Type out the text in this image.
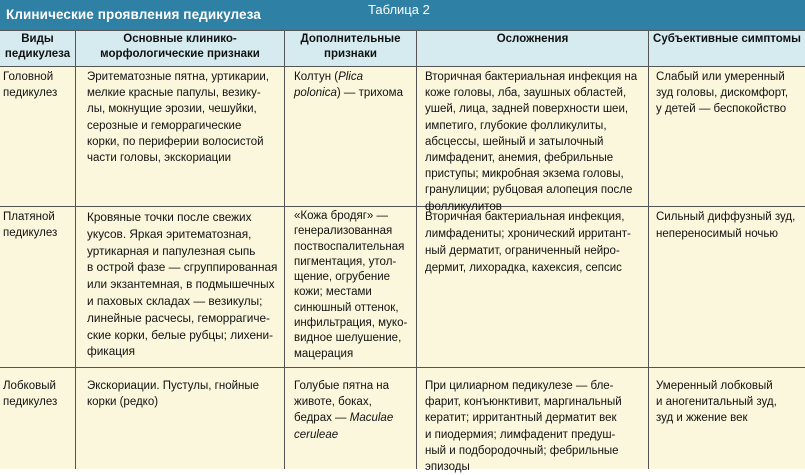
Клинические проявления педикулеза	Таблица 2
Виды
педикулеза
Основные клинико-
морфологические признаки
Дополнительные
признаки
Осложнения	Субъективные симптомы
Головной
педикулез
Эритематозные пятна, уртикарии,
мелкие красные папулы, везику-
лы, мокнущие эрозии, чешуйки,
серозные и геморрагические
корки, по периферии волосистой
части головы, экскориации
Колтун (Plica
polonica) — трихома
Вторичная бактериальная инфекция на
коже головы, лба, заушных областей,
ушей, лица, задней поверхности шеи,
импетиго, глубокие фолликулиты,
абсцессы, шейный и затылочный
лимфаденит, анемия, фебрильные
приступы; микробная экзема головы,
гранулиции; рубцовая алопеция после
фолликулитов
Слабый или умеренный
зуд головы, дискомфорт,
у детей — беспокойство
Платяной
педикулез
Кровяные точки после свежих
укусов. Яркая эритематозная,
уртикарная и папулезная сыпь
в острой фазе — сгруппированная
или экзантемная, в подмышечных
и паховых складах — везикулы;
линейные расчесы, геморрагиче-
ские корки, белые рубцы; лихени-
фикация
«Кожа бродяг» —
генерализованная
поствоспалительная
пигментация, утол-
щение, огрубение
кожи; местами
синюшный оттенок,
инфильтрация, муко-
видное шелушение,
мацерация
Вторичная бактериальная инфекция,
лимфадениты; хронический ирритант-
ный дерматит, ограниченный нейро-
дермит, лихорадка, кахексия, сепсис
Сильный диффузный зуд,
непереносимый ночью
Лобковый
педикулез
Экскориации. Пустулы, гнойные
корки (редко)
Голубые пятна на
животе, боках,
бедрах — Maculae
ceruleae
При цилиарном педикулезе — бле-
фарит, конъюнктивит, маргинальный
кератит; ирритантный дерматит век
и пиодермия; лимфаденит предуш-
ный и подбородочный; фебрильные
эпизоды
Умеренный лобковый
и аногенитальный зуд,
зуд и жжение век
